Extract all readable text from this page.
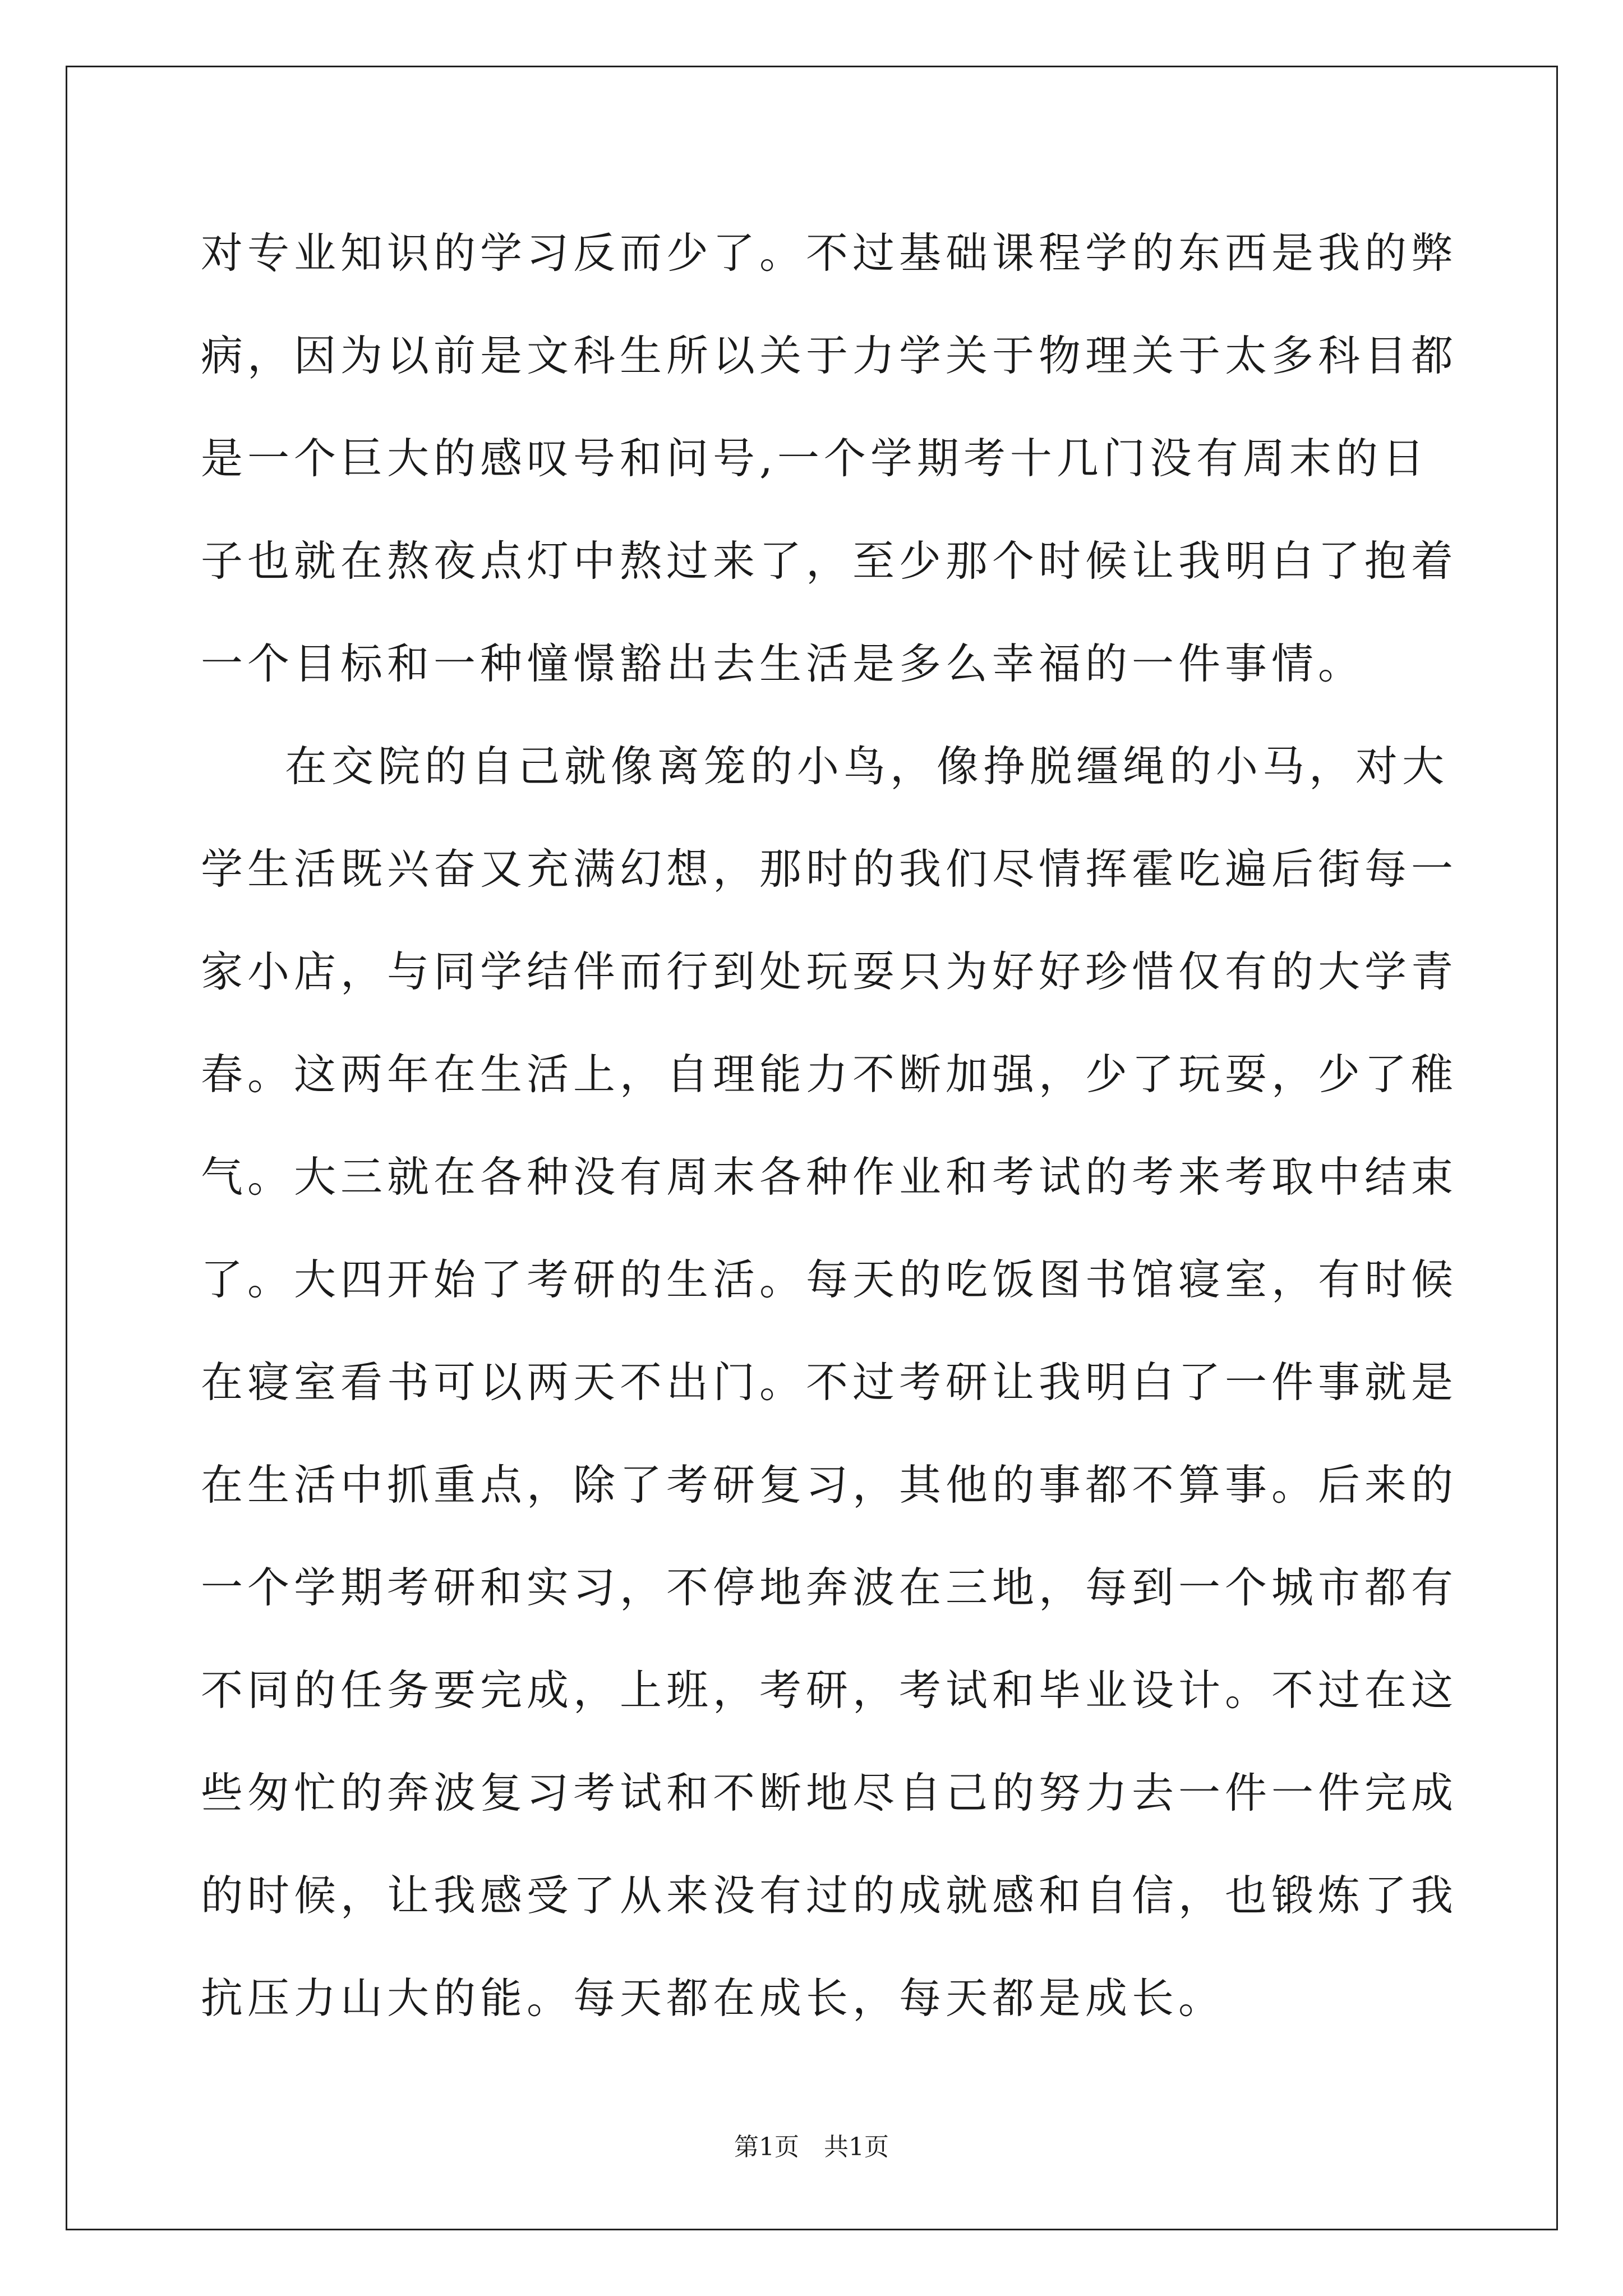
对专业知识的学习反而少了。不过基础课程学的东西是我的弊病，因为以前是文科生所以关于力学关于物理关于太多科目都是一个巨大的感叹号和问号,一个学期考十几门没有周末的日子也就在熬夜点灯中熬过来了，至少那个时候让我明白了抱着一个目标和一种憧憬豁出去生活是多么幸福的一件事情。

在交院的自己就像离笼的小鸟，像挣脱缰绳的小马，对大学生活既兴奋又充满幻想，那时的我们尽情挥霍吃遍后街每一家小店，与同学结伴而行到处玩耍只为好好珍惜仅有的大学青春。这两年在生活上，自理能力不断加强，少了玩耍，少了稚气。大三就在各种没有周末各种作业和考试的考来考取中结束了。大四开始了考研的生活。每天的吃饭图书馆寝室，有时候在寝室看书可以两天不出门。不过考研让我明白了一件事就是在生活中抓重点，除了考研复习，其他的事都不算事。后来的一个学期考研和实习，不停地奔波在三地，每到一个城市都有不同的任务要完成，上班，考研，考试和毕业设计。不过在这些匆忙的奔波复习考试和不断地尽自己的努力去一件一件完成的时候，让我感受了从来没有过的成就感和自信，也锻炼了我抗压力山大的能。每天都在成长，每天都是成长。

第1页　共1页
